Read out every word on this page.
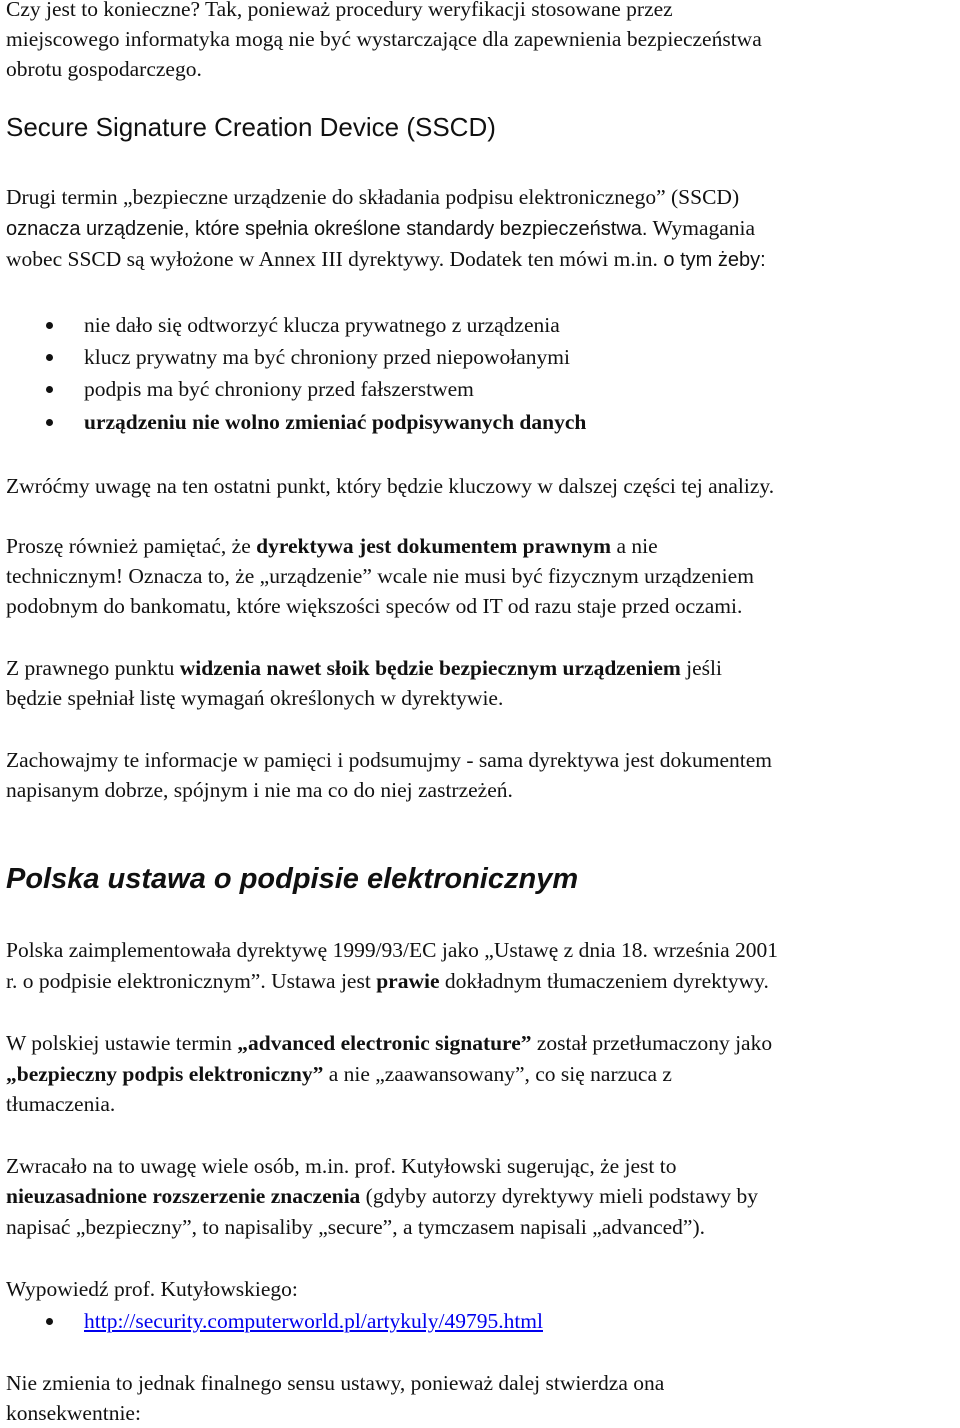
Czy jest to konieczne? Tak, ponieważ procedury weryfikacji stosowane przez
miejscowego informatyka mogą nie być wystarczające dla zapewnienia bezpieczeństwa
obrotu gospodarczego.
Secure Signature Creation Device (SSCD)
Drugi termin „bezpieczne urządzenie do składania podpisu elektronicznego” (SSCD)
oznacza urządzenie, które spełnia określone standardy bezpieczeństwa. Wymagania
wobec SSCD są wyłożone w Annex III dyrektywy. Dodatek ten mówi m.in. o tym żeby:
nie dało się odtworzyć klucza prywatnego z urządzenia
klucz prywatny ma być chroniony przed niepowołanymi
podpis ma być chroniony przed fałszerstwem
urządzeniu nie wolno zmieniać podpisywanych danych
Zwróćmy uwagę na ten ostatni punkt, który będzie kluczowy w dalszej części tej analizy.
Proszę również pamiętać, że dyrektywa jest dokumentem prawnym a nie
technicznym! Oznacza to, że „urządzenie” wcale nie musi być fizycznym urządzeniem
podobnym do bankomatu, które większości speców od IT od razu staje przed oczami.
Z prawnego punktu widzenia nawet słoik będzie bezpiecznym urządzeniem jeśli
będzie spełniał listę wymagań określonych w dyrektywie.
Zachowajmy te informacje w pamięci i podsumujmy - sama dyrektywa jest dokumentem
napisanym dobrze, spójnym i nie ma co do niej zastrzeżeń.
Polska ustawa o podpisie elektronicznym
Polska zaimplementowała dyrektywę 1999/93/EC jako „Ustawę z dnia 18. września 2001
r. o podpisie elektronicznym”. Ustawa jest prawie dokładnym tłumaczeniem dyrektywy.
W polskiej ustawie termin „advanced electronic signature” został przetłumaczony jako
„bezpieczny podpis elektroniczny” a nie „zaawansowany”, co się narzuca z
tłumaczenia.
Zwracało na to uwagę wiele osób, m.in. prof. Kutyłowski sugerując, że jest to
nieuzasadnione rozszerzenie znaczenia (gdyby autorzy dyrektywy mieli podstawy by
napisać „bezpieczny”, to napisaliby „secure”, a tymczasem napisali „advanced”).
Wypowiedź prof. Kutyłowskiego:
http://security.computerworld.pl/artykuly/49795.html
Nie zmienia to jednak finalnego sensu ustawy, ponieważ dalej stwierdza ona
konsekwentnie:
